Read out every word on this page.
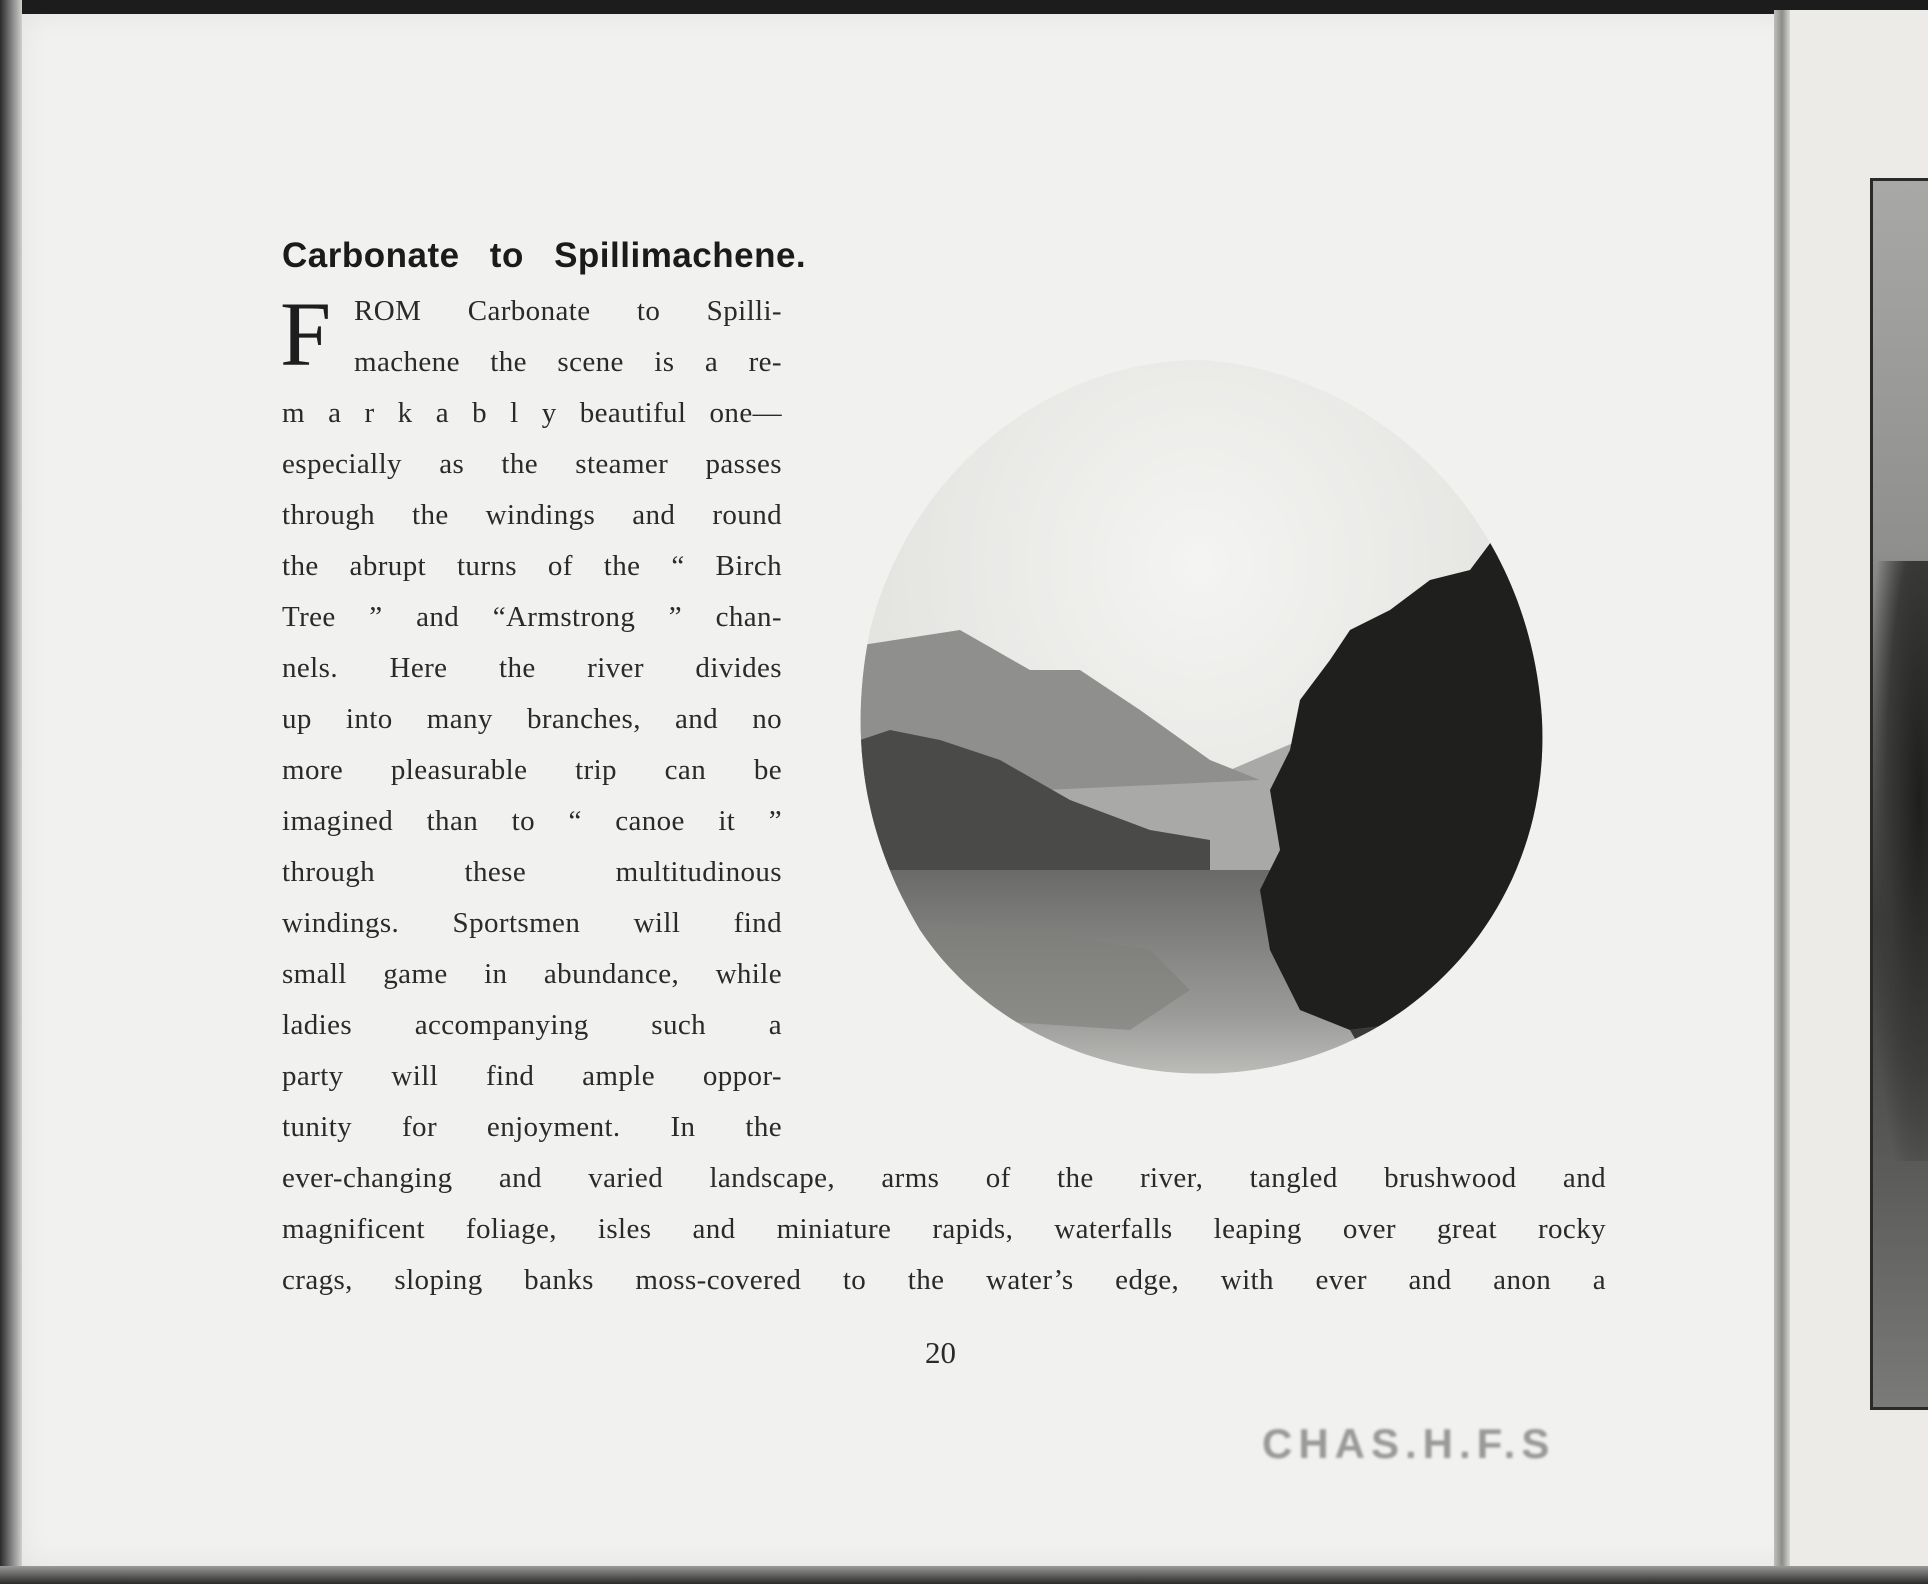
Carbonate to Spillimachene.
F ROM Carbonate to Spilli-
machene the scene is a re-
m a r k a b l y beautiful one—
especially as the steamer passes
through the windings and round
the abrupt turns of the “ Birch
Tree ” and “Armstrong ” chan-
nels. Here the river divides
up into many branches, and no
more pleasurable trip can be
imagined than to “ canoe it ”
through these multitudinous
windings. Sportsmen will find
small game in abundance, while
ladies accompanying such a
party will find ample oppor-
tunity for enjoyment. In the
ever-changing and varied landscape, arms of the river, tangled brushwood and
magnificent foliage, isles and miniature rapids, waterfalls leaping over great rocky
crags, sloping banks moss-covered to the water’s edge, with ever and anon a
20
CHAS.H.F.S
